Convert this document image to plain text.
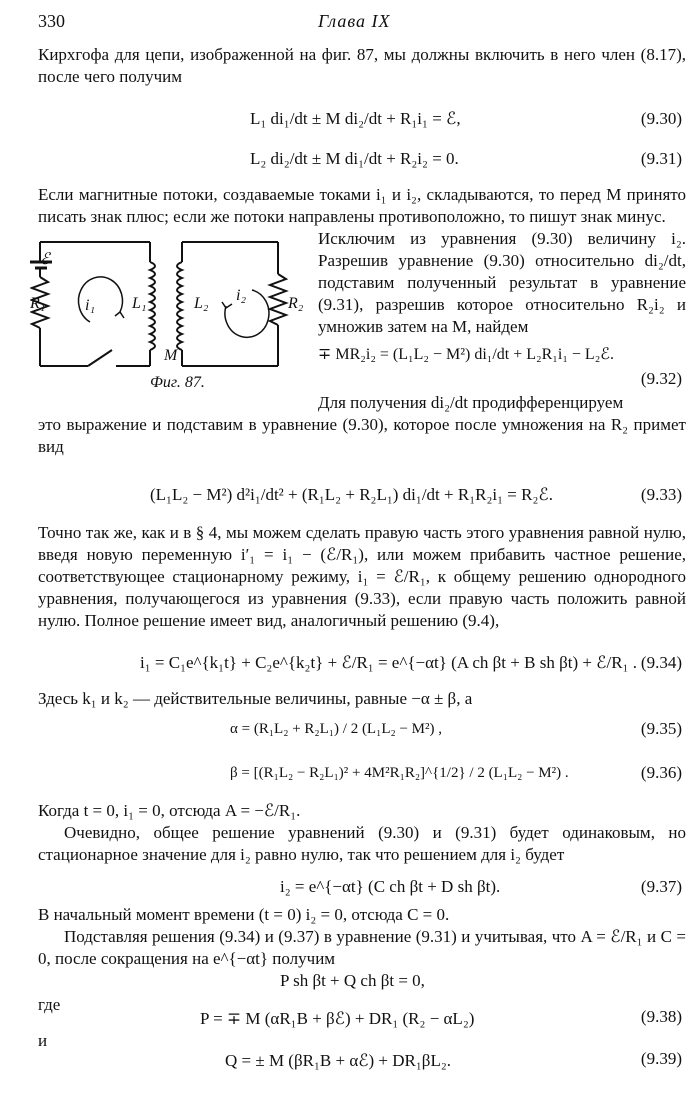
330	Глава IX
Кирхгофа для цепи, изображенной на фиг. 87, мы должны включить в него член (8.17), после чего получим
L₁ di₁/dt ± M di₂/dt + R₁i₁ = ℰ,	(9.30)
L₂ di₂/dt ± M di₁/dt + R₂i₂ = 0.	(9.31)
Если магнитные потоки, создаваемые токами i₁ и i₂, складываются, то перед M принято писать знак плюс; если же потоки направлены противоположно, то пишут знак минус.
Исключим из уравнения (9.30) величину i₂. Разрешив уравнение (9.30) относительно di₂/dt, подставим полученный результат в уравнение (9.31), разрешив которое относительно R₂i₂ и умножив затем на M, найдем
ℰ
R₁ i₁ L₁	L₂ i₂	R₂
M
Фиг. 87.
∓ MR₂i₂ = (L₁L₂ − M²) di₁/dt + L₂R₁i₁ − L₂ℰ.
(9.32)
Для получения di₂/dt продифференцируем
это выражение и подставим в уравнение (9.30), которое после умножения на R₂ примет вид
(L₁L₂ − M²) d²i₁/dt² + (R₁L₂ + R₂L₁) di₁/dt + R₁R₂i₁ = R₂ℰ.	(9.33)
Точно так же, как и в § 4, мы можем сделать правую часть этого уравнения равной нулю, введя новую переменную i′₁ = i₁ − (ℰ/R₁), или можем прибавить частное решение, соответствующее стационарному режиму, i₁ = ℰ/R₁, к общему решению однородного уравнения, получающегося из уравнения (9.33), если правую часть положить равной нулю. Полное решение имеет вид, аналогичный решению (9.4),
i₁ = C₁e^{k₁t} + C₂e^{k₂t} + ℰ/R₁ = e^{−αt} (A ch βt + B sh βt) + ℰ/R₁ . (9.34)
Здесь k₁ и k₂ — действительные величины, равные −α ± β, а
α = (R₁L₂ + R₂L₁) / 2 (L₁L₂ − M²) ,	(9.35)
β = [(R₁L₂ − R₂L₁)² + 4M²R₁R₂]^{1/2} / 2 (L₁L₂ − M²) .	(9.36)
Когда t = 0, i₁ = 0, отсюда A = −ℰ/R₁.
Очевидно, общее решение уравнений (9.30) и (9.31) будет одинаковым, но стационарное значение для i₂ равно нулю, так что решением для i₂ будет
i₂ = e^{−αt} (C ch βt + D sh βt).	(9.37)
В начальный момент времени (t = 0) i₂ = 0, отсюда C = 0.
Подставляя решения (9.34) и (9.37) в уравнение (9.31) и учитывая, что A = ℰ/R₁ и C = 0, после сокращения на e^{−αt} получим
P sh βt + Q ch βt = 0,
где
P = ∓ M (αR₁B + βℰ) + DR₁ (R₂ − αL₂)	(9.38)
и
Q = ± M (βR₁B + αℰ) + DR₁βL₂.	(9.39)
